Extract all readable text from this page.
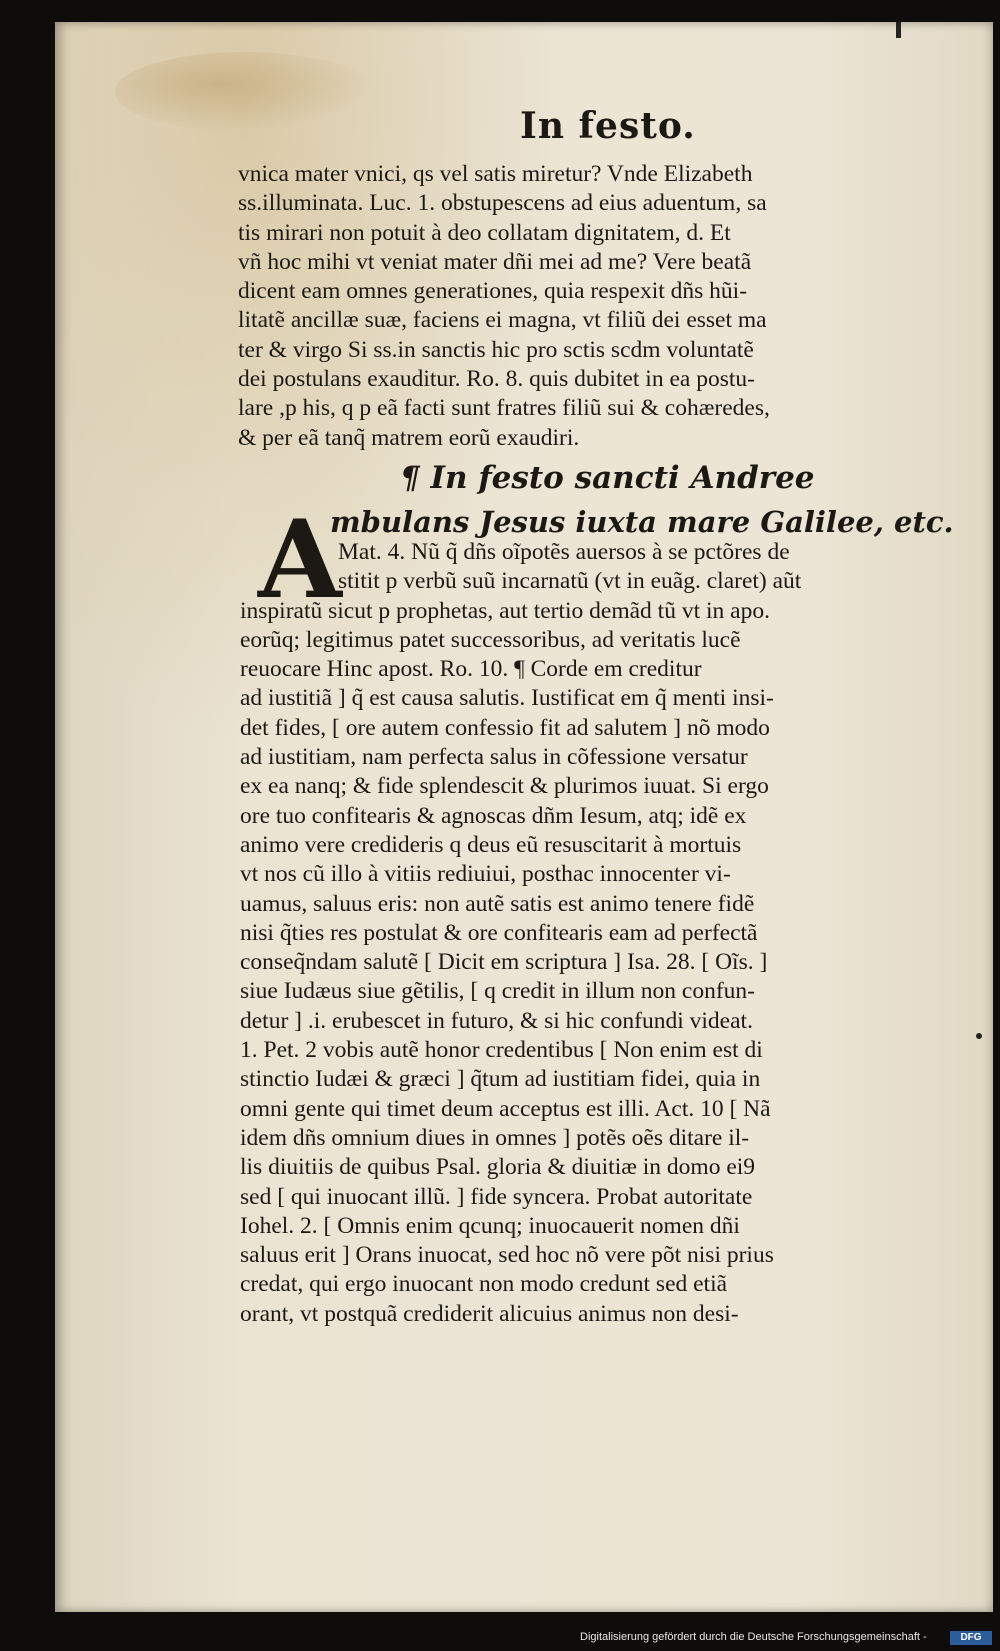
In festo.
vnica mater vnici, qs vel satis miretur? Vnde Elizabeth
ss.illuminata. Luc. 1. obstupescens ad eius aduentum, sa
tis mirari non potuit à deo collatam dignitatem, d. Et
vñ hoc mihi vt veniat mater dñi mei ad me? Vere beatã
dicent eam omnes generationes, quia respexit dñs hũi-
litatẽ ancillæ suæ, faciens ei magna, vt filiũ dei esset ma
ter & virgo Si ss.in sanctis hic pro sctis scdm voluntatẽ
dei postulans exauditur. Ro. 8. quis dubitet in ea postu-
lare ,p his, q p eã facti sunt fratres filiũ sui & cohæredes,
& per eã tanq̃ matrem eorũ exaudiri.
¶ In festo sancti Andree
A
mbulans Jesus iuxta mare Galilee, etc.
Mat. 4. Nũ q̃ dñs oĩpotẽs auersos à se pctõres de
stitit p verbũ suũ incarnatũ (vt in euãg. claret) aũt
inspiratũ sicut p prophetas, aut tertio demãd tũ vt in apo.
eorũq; legitimus patet successoribus, ad veritatis lucẽ
reuocare Hinc apost. Ro. 10. ¶ Corde em creditur
ad iustitiã ] q̃ est causa salutis. Iustificat em q̃ menti insi-
det fides, [ ore autem confessio fit ad salutem ] nõ modo
ad iustitiam, nam perfecta salus in cõfessione versatur
ex ea nanq; & fide splendescit & plurimos iuuat. Si ergo
ore tuo confitearis & agnoscas dñm Iesum, atq; idẽ ex
animo vere credideris q deus eũ resuscitarit à mortuis
vt nos cũ illo à vitiis rediuiui, posthac innocenter vi-
uamus, saluus eris: non autẽ satis est animo tenere fidẽ
nisi q̃ties res postulat & ore confitearis eam ad perfectã
conseq̃ndam salutẽ [ Dicit em scriptura ] Isa. 28. [ Oĩs. ]
siue Iudæus siue gẽtilis, [ q credit in illum non confun-
detur ] .i. erubescet in futuro, & si hic confundi videat.
1. Pet. 2 vobis autẽ honor credentibus [ Non enim est di
stinctio Iudæi & græci ] q̃tum ad iustitiam fidei, quia in
omni gente qui timet deum acceptus est illi. Act. 10 [ Nã
idem dñs omnium diues in omnes ] potẽs oẽs ditare il-
lis diuitiis de quibus Psal. gloria & diuitiæ in domo ei9
sed [ qui inuocant illũ. ] fide syncera. Probat autoritate
Iohel. 2. [ Omnis enim qcunq; inuocauerit nomen dñi
saluus erit ] Orans inuocat, sed hoc nõ vere põt nisi prius
credat, qui ergo inuocant non modo credunt sed etiã
orant, vt postquã crediderit alicuius animus non desi-
Digitalisierung gefördert durch die Deutsche Forschungsgemeinschaft -	DFG
